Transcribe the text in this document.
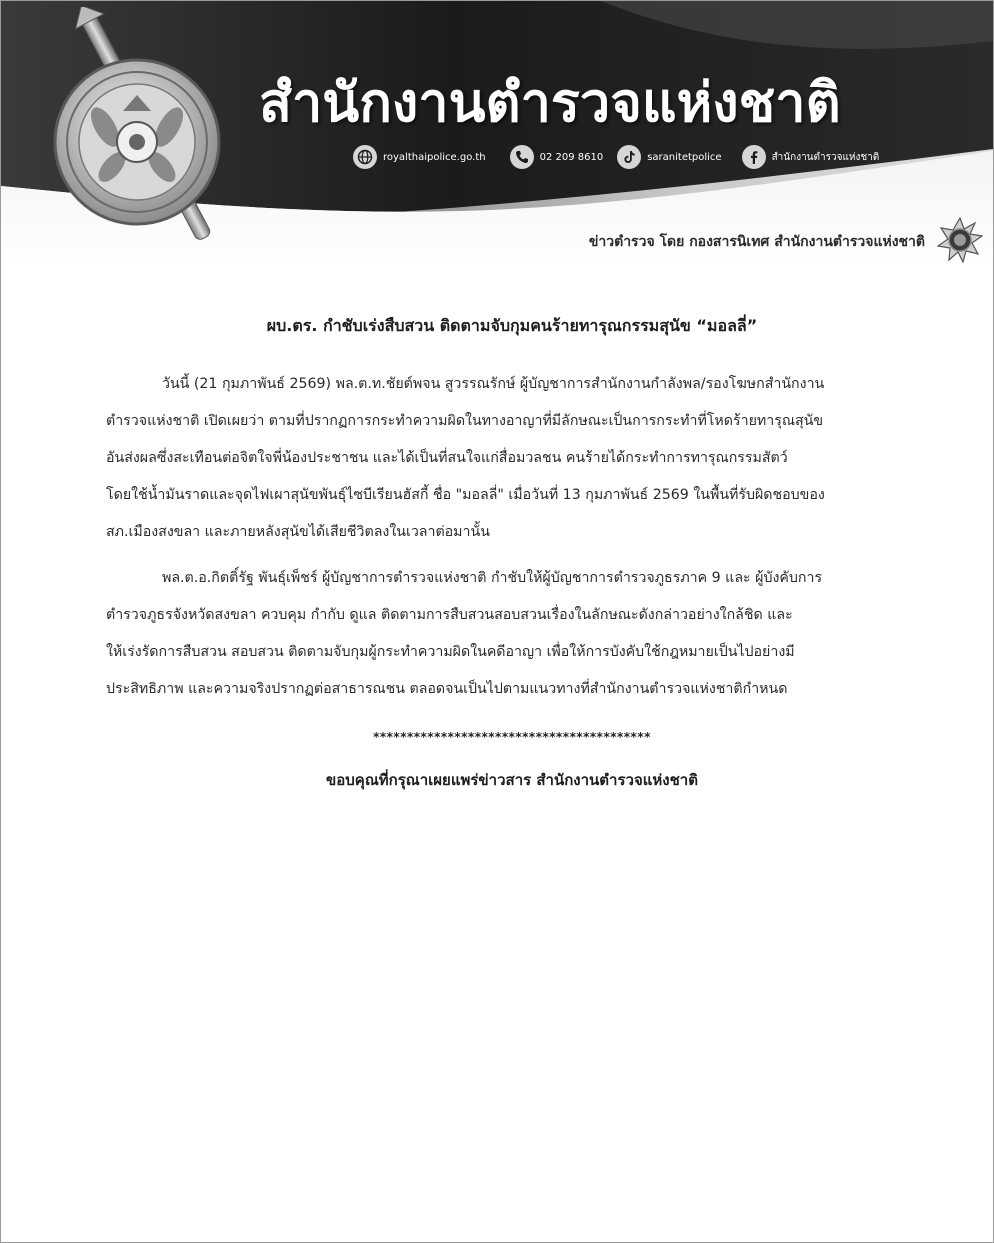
สำนักงานตำรวจแห่งชาติ
royalthaipolice.go.th	02 209 8610	saranitetpolice	สำนักงานตำรวจแห่งชาติ
ข่าวตำรวจ โดย กองสารนิเทศ สำนักงานตำรวจแห่งชาติ
ผบ.ตร. กำชับเร่งสืบสวน ติดตามจับกุมคนร้ายทารุณกรรมสุนัข “มอลลี่”
วันนี้ (21 กุมภาพันธ์ 2569) พล.ต.ท.ชัยต์พจน สูวรรณรักษ์ ผู้บัญชาการสำนักงานกำลังพล/รองโฆษกสำนักงาน
ตำรวจแห่งชาติ เปิดเผยว่า ตามที่ปรากฏการกระทำความผิดในทางอาญาที่มีลักษณะเป็นการกระทำที่โหดร้ายทารุณสุนัข
อันส่งผลซึ่งสะเทือนต่อจิตใจพี่น้องประชาชน และได้เป็นที่สนใจแก่สื่อมวลชน คนร้ายได้กระทำการทารุณกรรมสัตว์
โดยใช้น้ำมันราดและจุดไฟเผาสุนัขพันธุ์ไซบีเรียนฮัสกี้ ชื่อ "มอลลี่" เมื่อวันที่ 13 กุมภาพันธ์ 2569 ในพื้นที่รับผิดชอบของ
สภ.เมืองสงขลา และภายหลังสุนัขได้เสียชีวิตลงในเวลาต่อมานั้น
พล.ต.อ.กิตติ์รัฐ พันธุ์เพ็ชร์ ผู้บัญชาการตำรวจแห่งชาติ กำชับให้ผู้บัญชาการตำรวจภูธรภาค 9 และ ผู้บังคับการ
ตำรวจภูธรจังหวัดสงขลา ควบคุม กำกับ ดูแล ติดตามการสืบสวนสอบสวนเรื่องในลักษณะดังกล่าวอย่างใกล้ชิด และ
ให้เร่งรัดการสืบสวน สอบสวน ติดตามจับกุมผู้กระทำความผิดในคดีอาญา เพื่อให้การบังคับใช้กฎหมายเป็นไปอย่างมี
ประสิทธิภาพ และความจริงปรากฏต่อสาธารณชน ตลอดจนเป็นไปตามแนวทางที่สำนักงานตำรวจแห่งชาติกำหนด
*****************************************
ขอบคุณที่กรุณาเผยแพร่ข่าวสาร สำนักงานตำรวจแห่งชาติ
